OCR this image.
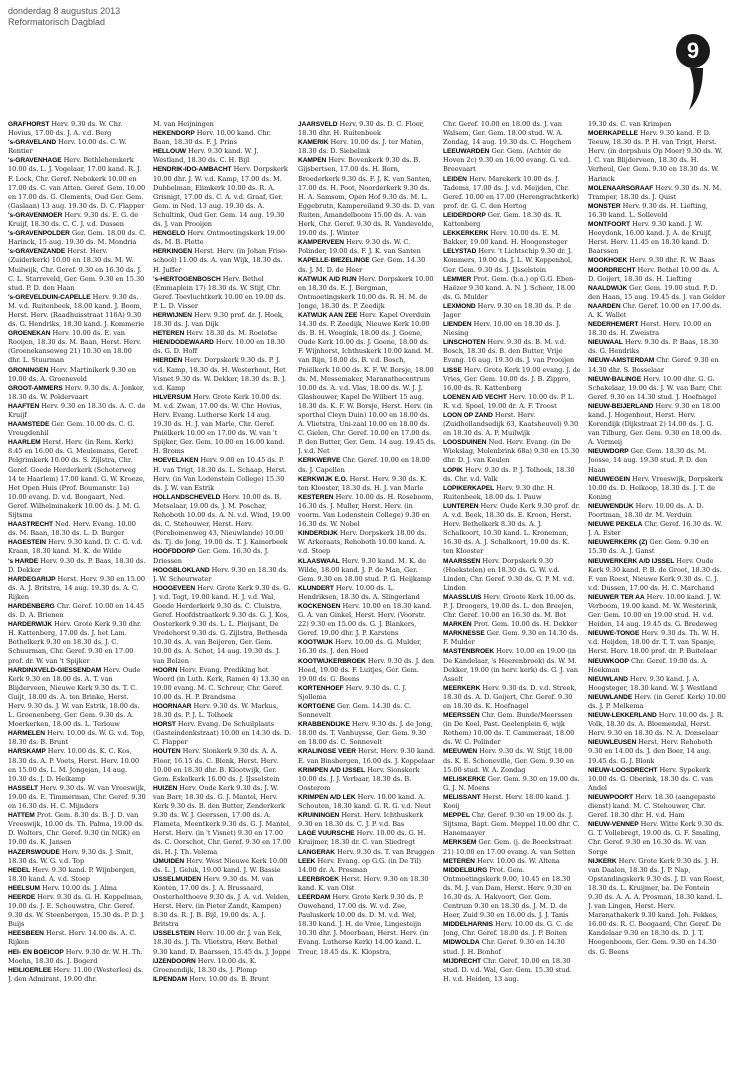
donderdag 8 augustus 2013
Reformatorisch Dagblad
9

GRAFHORST Herv. 9.30 ds. W. Chr. Hovius, 17.00 ds. J. A. v.d. Berg

's-GRAVELAND Herv. 10.00 ds. C. W. Rentier

's-GRAVENHAGE Herv. Bethlehemkerk 10.00 ds. L. J. Vogelaar, 17.00 kand. R. J. F. Lock, Chr. Geref. Nebokerk 10.00 en 17.00 ds. C. van Atten. Geref. Gem. 10.00 en 17.00 ds. G. Clements, Oud Ger. Gem. (Gaslaan) 13 aug. 19.30 ds. D. C. Flapper

's-GRAVENMOER Herv. 9.30 ds. E. G. de Kruijf, 18.30 ds. C. C. J. v.d. Dussen

's-GRAVENPOLDER Ger. Gem. 18.00 ds. C. Harinck, 15 aug. 19.30 ds. M. Mondria

's-GRAVENZANDE Herst. Herv. (Zuiderkerk) 10.00 en 18.30 ds. M. W. Muilwijk, Chr. Geref. 9.30 en 16.30 ds. J. C. L. Starreveld, Ger. Gem. 9.30 en 15.30 stud. P. D. den Haan

's-GREVELDUIN-CAPELLE Herv. 9.30 ds. M. v.d. Ruitenbeek, 18.00 kand. J. Boom, Herst. Herv. (Raadhuisstraat 116A) 9.30 ds. G. Hendriks, 18.30 kand. J. Kommerie

GROENEKAN Herv. 10.00 ds. E. van Rooijen, 18.30 ds. M. Baan, Herst. Herv. (Groenekanseweg 21) 10.30 en 18.00 dhr. L. Stuurman

GRONINGEN Herv. Martinikerk 9.30 en 19.00 ds. A. Groeneveld

GROOT-AMMERS Herv. 9.30 ds. A. Jonker, 18.30 ds. W. Poldervaart

HAAFTEN Herv. 9.30 en 18.30 ds. A. C. de Kruijf

HAAMSTEDE Ger. Gem. 10.00 ds. C. G. Vreugdenhil

HAARLEM Herst. Herv. (in Rem. Kerk) 8.45 en 16.00 ds. G. Meulemans, Geref. Pelgrimkerk 10.00 ds. S. Zijlstra, Chr. Geref. Goede Herderkerk (Schoterweg 14 te Haarlem) 17.00 kand. G. W. Kroeze, Het Open Huis (Prof. Boumanstr. 1a) 10.00 evang. D. v.d. Boogaart, Ned. Geref. Wilhelminakerk 10.00 ds. J. M. G. Sijtsma

HAASTRECHT Ned. Herv. Evang. 10.00 ds. M. Baan, 18.30 ds. L. D. Burger

HAGESTEIN Herv. 9.30 kand. D. C. G. v.d. Kraan, 18.30 kand. M. K. de Wilde

's HARDE Herv. 9.30 ds. P. Baas, 18.30 ds. D. Dekker

HARDEGARIJP Herst. Herv. 9.30 en 15.00 ds. A. J. Britstra, 14 aug. 19.30 ds. A. C. Rijken

HARDENBERG Chr. Geref. 10.00 en 14.45 ds. D. A. Brienen

HARDERWIJK Herv. Grote Kerk 9.30 dhr. H. Kattenberg, 17.00 ds. J. het Lam. Bethelkerk 9.30 en 18.30 ds. J. C. Schuurman, Chr. Geref. 9.30 en 17.00 prof. dr. W. van 't Spijker

HARDINXVELD-GIESSENDAM Herv. Oude Kerk 9.30 en 18.00 ds. A. T. van Blijderveen, Nieuwe Kerk 9.30 ds. T. C. Guijt, 18.00 ds. A. ten Brinke, Herst. Herv. 9.30 ds. J. W. van Estrik, 18.00 ds. L. Groenenberg, Ger. Gem. 9.30 ds. A. Moerkerken, 18.00 ds. L. Terlouw

HARMELEN Herv. 10.00 ds. W. G. v.d. Top, 18.30 ds. B. Brunt

HARSKAMP Herv. 10.00 ds. K. C. Kos, 18.30 ds. A. P. Voets, Herst. Herv. 10.00 en 15.00 ds. L. M. Jongejan, 14 aug. 19.30 ds. J. D. Heikamp

HASSELT Herv. 9.30 ds. W. van Vreeswijk, 19.00 ds. E. Timmerman, Chr. Geref. 9.30 en 16.30 ds. H. C. Mijnders

HATTEM Prot. Gem. 8.30 ds. B. J. D. van Vreeswijk, 10.00 ds. Th. Palma, 19.00 ds. D. Wolters, Chr. Geref. 9.30 (in NGK) en 19.00 ds. K. Jansen

HAZERSWOUDE Herv. 9.30 ds. J. Smit, 18.30 ds. W. G. v.d. Top

HEDEL Herv. 9.30 kand. P. Wijnbergen, 18.30 kand. A. v.d. Stoep

HEELSUM Herv. 10.00 ds. J. Alma

HEERDE Herv. 9.30 ds. G. H. Koppelman, 19.00 ds. J. E. Schouwstra, Chr. Geref. 9.30 ds. W. Steenbergen, 15.30 ds. P. D. J. Buijs

HEESBEEN Herst. Herv. 14.00 ds. A. C. Rijken

HEI- EN BOEICOP Herv. 9.30 dr. W. H. Th. Moehn, 18.30 ds. J. Bogerd

HEILIGERLEE Herv. 11.00 (Westerlee) ds. J. den Admirant, 19.00 dhr.

M. van Heijningen

HEKENDORP Herv. 10.00 kand. Chr. Baan, 18.30 ds. F. J. Prins

HELLOUW Herv. 9.30 kand. W. J. Westland, 18.30 ds. C. H. Bijl

HENDRIK-IDO-AMBACHT Herv. Dorpskerk 10.00 dhr. J. W. v.d. Kamp, 17.00 ds. M. Dubbelman, Elimkerk 10.00 ds. R. A. Grisnigt, 17.00 ds. C. A. v.d. Graaf, Ger. Gem. in Ned. 13 aug. 19.30 ds. A. Schultink, Oud Ger. Gem. 14 aug. 19.30 ds. J. van Prooijen

HENGELO Herv. Ontmoetingskerk 19.00 ds. M. B. Plette

HERKINGEN Herst. Herv. (in Johan Friso-school) 11.00 ds. A. van Wijk, 18.30 ds. H. Juffer

's-HERTOGENBOSCH Herv. Bethel (Emmaplein 17) 18.30 ds. W. Stijf, Chr. Geref. Toevluchtkerk 10.00 en 19.00 ds. P. L. D. Visser

HERWIJNEN Herv. 9.30 prof. dr. J. Hoek, 18.30 ds. J. van Dijk

HETEREN Herv. 18.30 ds. M. Roelofse

HIEN/DODEWAARD Herv. 10.00 en 18.30 ds. G. D. Hoff

HIERDEN Herv. Dorpskerk 9.30 ds. P. J. v.d. Kamp, 18.30 ds. H. Westerhout, Het Visnet 9.30 ds. W. Dekker, 18.30 ds. B. J. v.d. Kamp

HILVERSUM Herv. Grote Kerk 10.00 ds. M. v.d. Zwan, 17.00 ds. W. Chr. Hovius, Herv. Evang. Lutherse Kerk 14 aug. 19.30 ds. H. J. van Marle, Chr. Geref. Pniëlkerk 10.00 en 17.00 ds. W. van 't Spijker, Ger. Gem. 10.00 en 16.00 kand. H. Broms

HOEVELAKEN Herv. 9.00 en 10.45 ds. P. H. van Trigt, 18.30 ds. L. Schaap, Herst. Herv. (in Van Lodenstein College) 15.30 ds. J. W. van Estrik

HOLLANDSCHEVELD Herv. 10.00 ds. B. Metselaar, 19.00 ds. J. M. Poschar, Rehoboth 10.00 ds. A. N. v.d. Wind, 19.00 ds. C. Stehouwer, Herst. Herv. (Perebomenweg 43, Nieuwlande) 10.00 ds. Tj. de Jong, 19.00 ds. T. J. Kamerbeek

HOOFDDORP Ger. Gem. 16.30 ds. J. Driessen

HOOGBLOKLAND Herv. 9.30 en 18.30 ds. J. W. Scheurwater

HOOGEVEEN Herv. Grote Kerk 9.30 ds. G. J. v.d. Togt, 19.00 kand. H. J. v.d. Wal, Goede Herderkerk 9.30 ds. C. Cluistra, Geref. Hoofdstraatkerk 9.30 ds. G. J. Kos, Oosterkerk 9.30 ds. L. L. Pleijsant, De Vredehorst 9.30 ds. G. Zijlstra, Bethesda 10.30 ds. A. van Beijeren, Ger. Gem. 10.00 ds. A. Schot, 14 aug. 19.30 ds. J. van Belzen

HOORN Herv. Evang. Prediking het Woord (in Luth. Kerk, Ramen 4) 13.30 en 19.00 evang. M. C. Schreur, Chr. Geref. 10.00 ds. H. P. Brandsma

HOORNAAR Herv. 9.30 ds. W. Markus, 18.30 ds. P. J. L. Tolhoek

HORST Herv. Evang. De Schuilplaats (Gasteindenkstraat) 10.00 en 14.30 ds. D. C. Flapper

HOUTEN Herv. Slonkerk 9.30 ds. A. A. Floor, 16.15 ds. C. Blenk, Herst. Herv. 10.00 en 18.30 dhr. B. Klootwijk, Ger. Gem. Eskolkerk 16.00 ds. J. IJsselstein

HUIZEN Herv. Oude Kerk 9.30 ds. J. W. van Barr, 18.30 ds. G. J. Mantel, Herv. Kerk 9.30 ds. B. den Butter, Zenderkerk 9.30 ds. W. J. Geerssen, 17.00 ds. A. Flameta, Meentkerk 9.30 ds. G. J. Mantel, Herst. Herv. (in 't Visnet) 9.30 en 17.00 ds. C. Oorschot, Chr. Geref. 9.30 en 17.00 ds. H. J. Th. Velema

IJMUIDEN Herv. West Nieuwe Kerk 10.00 ds. L. J. Geluk, 19.00 kand. J. W. Bassie

IJSSELMUIDEN Herv. 9.30 ds. M. van Kooten, 17.00 ds. J. A. Brussaard, Oosterholthoeve 9.30 ds. J. A. v.d. Velden, Herst. Herv. (in Pieter Zandt, Kampen) 8.30 ds. R. J. B. Bijl, 19.00 ds. A. J. Britstra

IJSSELSTEIN Herv. 10.00 dr. J. van Eck, 18.30 ds. J. Th. Vlietstra, Herv. Bethel 9.30 kand. D. Baarssen, 15.45 ds. J. Joppe

IJZENDOORN Herv. 10.00 ds. K. Groenendijk, 18.30 ds. J. Plomp

ILPENDAM Herv. 10.00 ds. B. Brunt

JAARSVELD Herv. 9.30 ds. D. C. Floor, 18.30 dhr. H. Ruitenbeek

KAMERIK Herv. 10.00 ds. J. ter Maten, 18.30 ds. D. Siebelink

KAMPEN Herv. Bovenkerk 9.30 ds. B. Gijsbertsen, 17.00 ds. H. Born, Broederkerk 9.30 ds. F. J. K. van Santen, 17.00 ds. H. Poot, Noorderkerk 9.30 ds. H. A. Samsom, Open Hof 9.30 ds. M. L. Eggebrutn, Kampereiland 9.30 ds. D. van Ruiten, Amandelboom 15.00 ds. A. van Herk, Chr. Geref. 9.30 ds. R. Vandevelde, 19.00 ds. J. Winter

KAMPERVEEN Herv. 9.30 ds. W. C. Polinder, 19.00 ds. F. J. K. van Santen

KAPELLE-BIEZELINGE Ger. Gem. 14.30 ds. J. M. D. de Heer

KATWIJK A/D RIJN Herv. Dorpskerk 10.00 en 18.30 ds. E. J. Bergman, Ontmoetingskerk 10.00 ds. R. H. M. de Jonge, 18.30 ds. P. Zeedijk

KATWIJK AAN ZEE Herv. Kapel Overduin 14.30 ds. P. Zeedijk, Nieuwe Kerk 10.00 ds. B. H. Weegink, 18.00 ds. J. Goene, Oude Kerk 10.00 ds. J. Goene, 18.00 ds. F. Wijnhorst, Ichthuskerk 10.00 kand. M. van Rijn, 18.00 ds. B. v.d. Bosch, Pniëlkerk 10.00 ds. K. F. W. Borsje, 18.00 ds. M. Messemaker, Maranathacentrum 10.00 ds. A. v.d. Vlas, 18.00 ds. W. J. J. Glashouwer, Kapel De Wilbert 15 aug. 18.30 ds. K. F. W. Borsje, Herst. Herv. (in sporthal Cleyn Duin) 10.00 en 18.00 ds. A. Vlietstra, Uni-zaal 10.00 en 18.00 ds. C. Gielen, Chr. Geref. 10.00 en 17.00 ds. P. den Butter, Ger. Gem. 14 aug. 19.45 ds. J. v.d. Net

KERKWERVE Chr. Geref. 10.00 en 18.00 ds. J. Capellen

KERKWIJK E.O. Herst. Herv. 9.30 ds. K. ten Klooster, 18.30 ds. H. J. van Marle

KESTEREN Herv. 10.00 ds. H. Roseboom, 16.30 ds. J. Muller, Herst. Herv. (in voorm. Van Lodenstein College) 9.30 en 16.30 ds. W. Nobel

KINDERDIJK Herv. Dorpskerk 18.00 ds. W. Arkeraats, Rehoboth 10.00 kand. A. v.d. Stoep

KLAASWAAL Herv. 9.30 kand. M. K. de Wilde, 18.00 kand. J. P. de Man, Ger. Gem. 9.30 en 18.00 stud. P. G. Heijkamp

KLUNDERT Herv. 10.00 ds. L. Hendriksen, 18.30 ds. A. Slingerland

KOCKENGEN Herv. 10.00 en 18.30 kand. G. A. van Ginkel, Herst. Herv. (Voorstr. 22) 9.30 en 15.00 ds. G. J. Blankers, Geref. 19.00 dhr. J. P. Karstens

KOOTWIJK Herv. 10.00 ds. G. Mulder, 16.30 ds. J. den Hoed

KOOTWIJKERBROEK Herv. 9.30 ds. J. den Hoed, 19.00 ds. F. Luitjes, Ger. Gem. 19.00 ds. G. Beens

KORTENHOEF Herv. 9.30 ds. C. J. Sjollema

KORTGENE Ger. Gem. 14.30 ds. C. Sonnevelt

KRABBENDIJKE Herv. 9.30 ds. J. de Jong, 18.00 ds. T. Vanhuysse, Ger. Gem. 9.30 en 18.00 ds. C. Sonnevelt

KRALINGSE VEER Herst. Herv. 9.30 kand. E. van Binsbergen, 16.00 ds. J. Koppelaar

KRIMPEN A/D IJSSEL Herv. Sionskerk 10.00 ds. J. J. Verbaar, 18.30 ds. B. Oosterom

KRIMPEN A/D LEK Herv. 10.00 kand. A. Schouten, 18.30 kand. G. R. G. v.d. Neut

KRUININGEN Herst. Herv. Ichthuskerk 9.30 en 18.30 ds. C. J. P. v.d. Bas

LAGE VUURSCHE Herv. 10.00 ds. G. H. Kruijmer, 18.30 dr. C. van Sliedregt

LANGERAK Herv. 9.30 ds. T. van Bruggen

LEEK Herv. Evang. op G.G. (in De Til) 14.00 dr. A. Prosman

LEERBROEK Herst. Herv. 9.30 en 18.30 kand. K. van Olst

LEERDAM Herv. Grote Kerk 9.30 ds. P. Ouwehand, 17.00 ds. W. v.d. Zee, Pauluskerk 10.00 ds. D. M. v.d. Wel, 18.30 kand. J. H. de Vree, Lingesteijn 10.30 dhr. J. Moerbaan, Herst. Herv. (in Evang. Lutherse Kerk) 14.00 kand. L. Treur, 18.45 ds. K. Klopstra,

Chr. Geref. 10.00 en 18.00 ds. J. van Walsem, Ger. Gem. 18.00 stud. W. A. Zondag, 14 aug. 19.30 ds. C. Hogchem

LEEUWARDEN Ger. Gem. (Achter de Hoven 2c) 9.30 en 16.00 evang. G. v.d. Breevaart

LEIDEN Herv. Marekerk 10.00 ds. J. Tadema, 17.00 ds. J. v.d. Meijden, Chr. Geref. 10.00 en 17.00 (Herengrachtkerk) prof. dr. G. C. den Hertog

LEIDERDORP Ger. Gem. 18.30 ds. R. Kattenberg

LEKKERKERK Herv. 10.00 ds. E. M. Bakker, 19.00 kand. H. Hoogensteger

LELYSTAD Herv. 't Lichtschip 9.30 dr. J. Kommers, 19.00 ds. J. L. W. Koppenhol, Ger. Gem. 9.30 ds. J. IJsselstein

LEMMER Prot. Gem. (b.a.) op G.G. Eben-Haëzer 9.30 kand. A. N. J. Scheer, 18.00 ds. G. Mulder

LEXMOND Herv. 9.30 en 18.30 ds. P. de Jager

LIENDEN Herv. 10.00 en 18.30 ds. J. Niesing

LINSCHOTEN Herv. 9.30 ds. B. M. v.d. Bosch, 18.30 ds. B. den Butter, Vrije Evang. 16 aug. 19.30 ds. J. van Prooijen

LISSE Herv. Grote Kerk 19.00 evang. J. de Vries, Ger. Gem. 10.00 ds. J. B. Zippro, 16.00 ds. R. Kattenberg

LOENEN A/D VECHT Herv. 10.00 ds. P. L. R. v.d. Spoel, 19.00 dr. A. F. Troost

LOON OP ZAND Herst. Herv. (Zuidhollandsedijk 63, Kaatsheuvel) 9.30 en 18.30 ds. A. P. Muilwijk

LOOSDUINEN Ned. Herv. Evang. (in De Wiekslag, Molenbrink 68a) 9.30 en 15.30 dhr. D. J. van Keulen

LOPIK Herv. 9.30 ds. P. J. Tolhoek, 18.30 ds. Chr. v.d. Valk

LOPIKERKAPEL Herv. 9.30 dhr. H. Ruitenbeek, 18.00 ds. I. Pauw

LUNTEREN Herv. Oude Kerk 9.30 prof. dr. A. v.d. Beek, 18.30 ds. E. Kroon, Herst. Herv. Bethelkerk 8.30 ds. A. J. Schalkoort, 10.30 kand. L. Kroneman, 16.30 ds. A. J. Schalkoort, 19.00 ds. K. ten Klooster

MAARSSEN Herv. Dorpskerk 9.30 (Hoekstelen) en 18.30 ds. G. W. v.d. Linden, Chr. Geref. 9.30 ds. G. P. M. v.d. Linden

MAASSLUIS Herv. Groote Kerk 10.00 ds. P. J. Droogers, 19.00 ds. L. den Breejen, Chr. Geref. 10.00 en 16.30 ds. M. Bot

MARKEN Prot. Gem. 10.00 ds. H. Dekker

MARKNESSE Ger. Gem. 9.30 en 14.30 ds. F. Mulder

MASTENBROEK Herv. 10.00 en 19.00 (in De Kandelaar, 's Heerenbroek) ds. W. M. Dekker, 19.00 (in herv. kerk) ds. G. J. van Asselt

MEERKERK Herv. 9.30 ds. D. v.d. Streek, 18.30 ds. A. D. Goijert, Chr. Geref. 9.30 en 18.30 ds. K. Hoefnagel

MEERSSEN Chr. Gem. Bunde/Meerssen (in De Koel, Past. Geelenplein 6, wijk Rothem) 10.00 ds. T. Cammeraat, 18.00 ds. W. C. Polinder

MEEUWEN Herv. 9.30 ds. W. Stijf, 18.00 ds. K. E. Schoneville, Ger. Gem. 9.30 en 15.00 stud. W. A. Zondag

MELISKERKE Ger. Gem. 9.30 en 19.00 ds. G. J. N. Moens

MELISSANT Herst. Herv. 18.00 kand. J. Kooij

MEPPEL Chr. Geref. 9.30 en 19.00 ds. J. Sijtsma, Bapt. Gem. Meppel 10.00 dhr. C. Hanemaayer

MERKSEM Ger. Gem. (j. de Boeckstraat 21) 10.00 en 17.00 evang. A. van Setten

METEREN Herv. 10.00 ds. W. Altena

MIDDELBURG Prot. Gem. Ontmoetingskerk 9.00, 10.45 en 18.30 ds. M. J. van Dam, Herst. Herv. 9.30 en 16.30 ds. A. Hakvoort, Ger. Gem. Centrum 9.30 en 18.30 ds. J. M. D. de Heer, Zuid 9.30 en 16.00 ds. J. J. Tanis

MIDDELHARNIS Herv. 10.00 ds. G. C. de Jong, Chr. Geref. 18.00 ds. J. P. Boiten

MIDWOLDA Chr. Geref. 9.30 en 14.30 stud. J. H. Bonhof

MIJDRECHT Chr. Geref. 10.00 en 18.30 stud. D. v.d. Wal, Ger. Gem. 15.30 stud. H. v.d. Heiden, 13 aug.

19.30 ds. C. van Krimpen

MOERKAPELLE Herv. 9.30 kand. P. D. Teeuw, 18.30 ds. P. H. van Trigt, Herst. Herv. (in dorpshuis Op Moer) 9.30 ds. W. J. C. van Blijderveen, 18.30 ds. H. Verheul, Ger. Gem. 9.30 en 18.30 ds. W. Harinck

MOLENAARSGRAAF Herv. 9.30 ds. N. M. Tramper, 18.30 ds. J. Quist

MONSTER Herv. 9.30 ds. H. Liefting, 16.30 kand. L. Solleveld

MONTFOORT Herv. 9.30 kand. J. W. Hooydonk, 16.00 kand. J. A. de Kruijf, Herst. Herv. 11.45 en 18.30 kand. D. Baarssen

MOOKHOEK Herv. 9.30 dhr. R. W. Baas

MOORDRECHT Herv. Bethel 10.00 ds. A. D. Goijert, 18.30 ds. H. Liefting

NAALDWIJK Ger. Gem. 19.00 stud. P. D. den Haan, 15 aug. 19.45 ds. J. van Gelder

NAARDEN Chr. Geref. 10.00 en 17.00 ds. A. K. Wallet

NEDERHEMERT Herst. Herv. 10.00 en 18.30 ds. H. Zweistra

NIEUWAAL Herv. 9.30 ds. P. Baas, 18.30 ds. G. Hendriks

NIEUW-AMSTERDAM Chr. Geref. 9.30 en 14.30 dhr. S. Bosselaar

NIEUW-BALINGE Herv. 10.00 dhr. G. G. Schakelaar, 19.00 ds. J. W. van Barr, Chr. Geref. 9.30 en 14.30 stud. J. Hoefnagel

NIEUW-BEIJERLAND Herv. 9.30 en 18.00 kand. J. Hogenhout, Herst. Herv. Korendijk (Dijkstraat 2) 14.00 ds. J. G. van Tilburg, Ger. Gem. 9.30 en 18.00 ds. A. Vermeij

NIEUWDORP Ger. Gem. 18.30 ds. M. Joosse, 14 aug. 19.30 stud. P. D. den Haan

NIEUWEGEIN Herv. Vreeswijk, Dorpskerk 10.00 ds. D. Heikoop, 18.30 ds. J. T. de Koning

NIEUWENDIJK Herv. 10.00 ds. A. D. Poortman, 18.30 dr. M. Verduin

NIEUWE PEKELA Chr. Geref. 16.30 ds. W. J. A. Ester

NIEUWERKERK (Z) Ger. Gem. 9.30 en 15.30 ds. A. J. Ganst

NIEUWERKERK A/D IJSSEL Herv. Oude Kerk 9.30 kand. P. B. de Groot, 18.30 ds. F. van Roest, Nieuwe Kerk 9.30 ds. C. J. v.d. Dussen, 17.00 ds. H. C. Marchand

NIEUWER TER AA Herv. 10.00 kand. J. W. Verboom, 19.00 kand. M. W. Westerink, Ger. Gem. 10.00 en 19.00 stud. H. v.d. Heiden, 14 aug. 19.45 ds. G. Bredeweg

NIEUWE-TONGE Herv. 9.30 ds. Th. W. H. v.d. Heijden, 18.00 dr. T. T. van Spanje, Herst. Herv. 18.00 prof. dr. P. Buitelaar

NIEUWKOOP Chr. Geref. 19.00 ds. A. Hoekman

NIEUWLAND Herv. 9.30 kand. J. A. Hoogsteger, 18.30 kand. W. J. Westland

NIEUWLANDE Herv. (in Geref. Kerk) 10.00 ds. J. P. Melkema

NIEUW-LEKKERLAND Herv. 10.00 ds. J. R. Volk, 18.30 ds. A. Bloemendal, Herst. Herv. 9.30 en 18.30 ds. N. A. Donselaar

NIEUWLEUSEN Herst. Herv. Rehoboth 9.30 en 14.00 ds. J. den Boer, 14 aug. 19.45 ds. G. J. Blonk

NIEUW-LOOSDRECHT Herv. Sypekerk 10.00 ds. G. Oberink, 18.30 ds. C. van Andel

NIEUWPOORT Herv. 18.30 (aangepaste dienst) kand. M. C. Stehouwer, Chr. Geref. 18.30 dhr. H. v.d. Ham

NIEUW-VENNEP Herv. Witte Kerk 9.30 ds. G. T. Vollebregt, 19.00 ds. G. F. Smaling, Chr. Geref. 9.30 en 16.30 ds. W. van Sorge

NIJKERK Herv. Grote Kerk 9.30 ds. J. H. van Daalen, 18.30 ds. J. P. Nap, Opstandingskerk 9.30 ds. J. D. van Roest, 18.30 ds. L. Kruijmer, ba. De Fontein 9.30 ds. A. A. A. Prosman, 18.30 kand. L. J. van Lingen, Herst. Herv. Maranathakerk 9.30 kand. Joh. Fekkes, 16.00 ds. R. C. Boogaard, Chr. Geref. De Kandelaar 9.30 en 18.30 ds. D. J. T. Hoogenboom, Ger. Gem. 9.30 en 14.30 ds. G. Beens
